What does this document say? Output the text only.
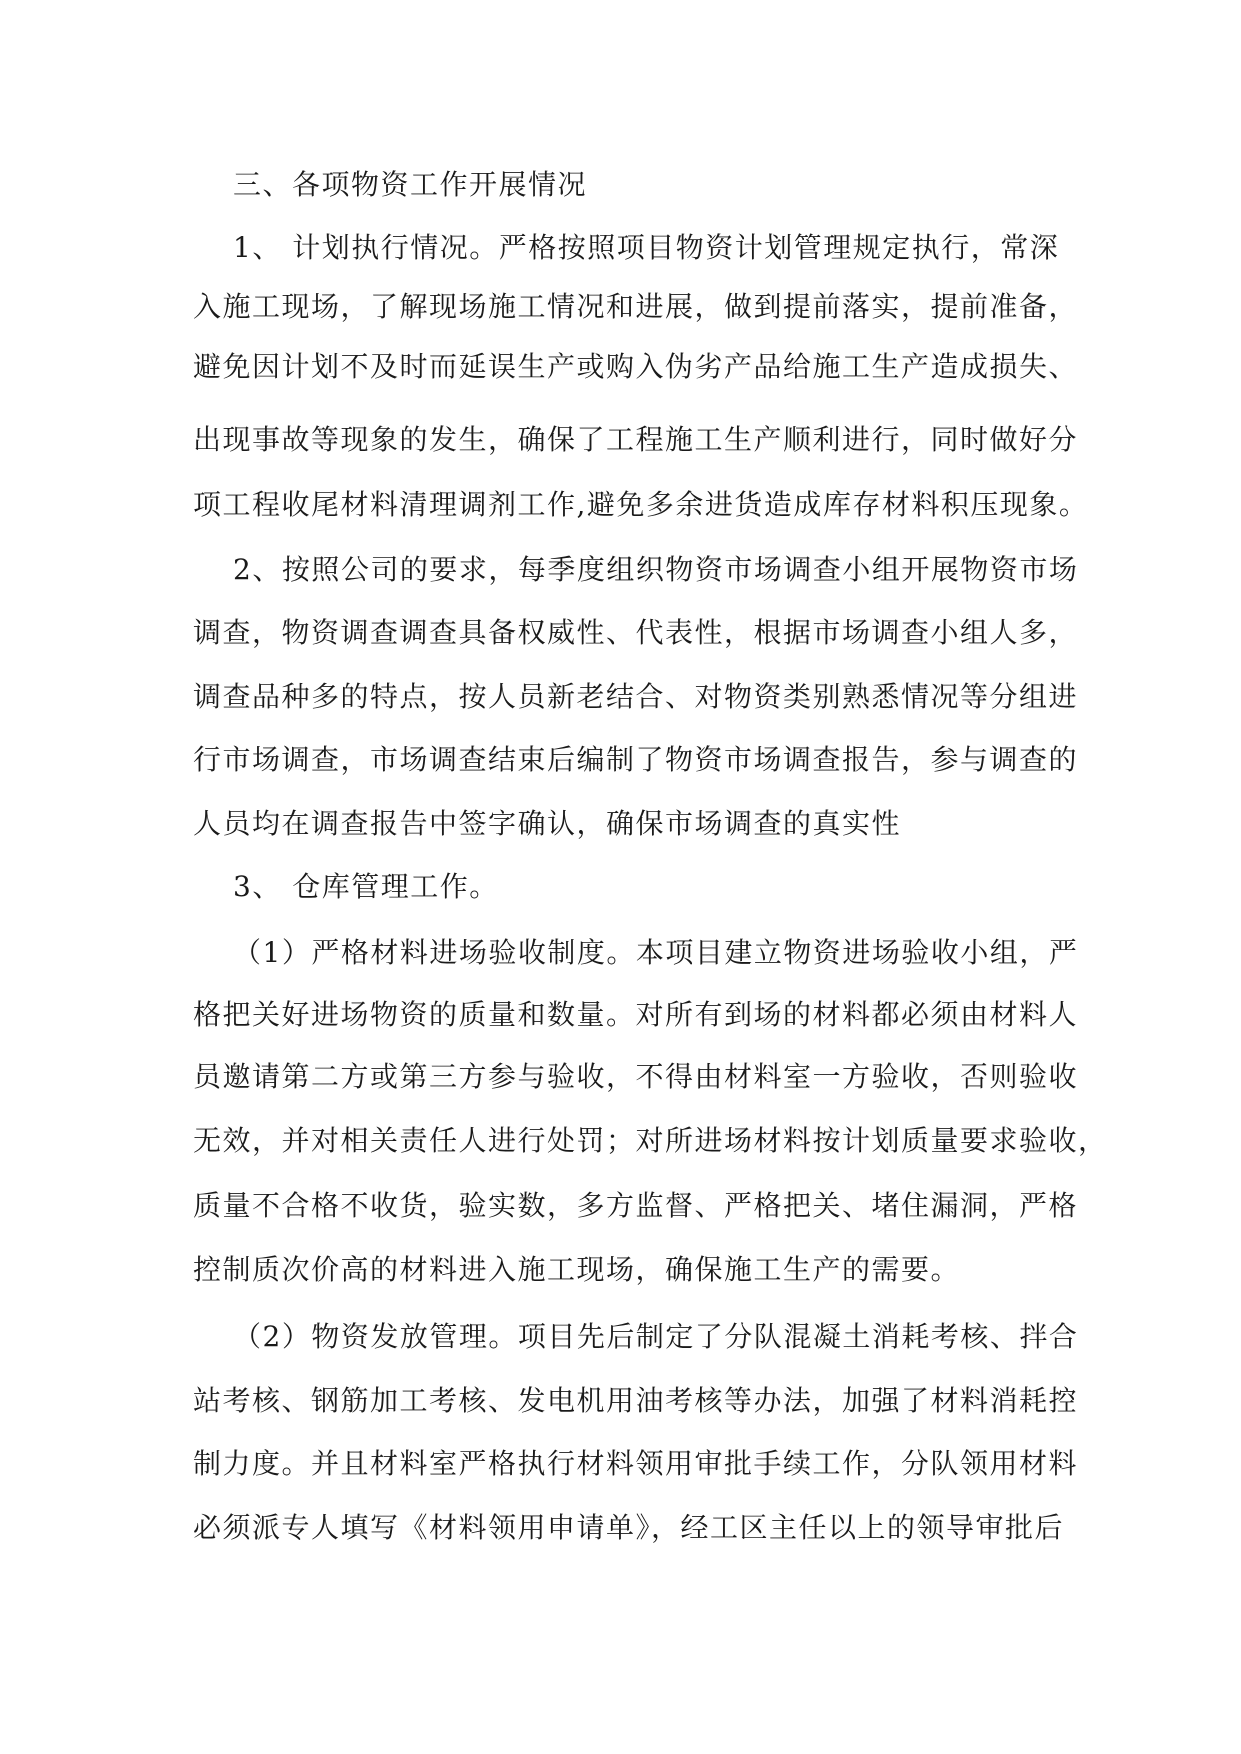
三、各项物资工作开展情况
1、 计划执行情况。严格按照项目物资计划管理规定执行，常深
入施工现场，了解现场施工情况和进展，做到提前落实，提前准备，
避免因计划不及时而延误生产或购入伪劣产品给施工生产造成损失、
出现事故等现象的发生，确保了工程施工生产顺利进行，同时做好分
项工程收尾材料清理调剂工作,避免多余进货造成库存材料积压现象。
2、按照公司的要求，每季度组织物资市场调查小组开展物资市场
调查，物资调查调查具备权威性、代表性，根据市场调查小组人多，
调查品种多的特点，按人员新老结合、对物资类别熟悉情况等分组进
行市场调查，市场调查结束后编制了物资市场调查报告，参与调查的
人员均在调查报告中签字确认，确保市场调查的真实性
3、 仓库管理工作。
（1）严格材料进场验收制度。本项目建立物资进场验收小组，严
格把关好进场物资的质量和数量。对所有到场的材料都必须由材料人
员邀请第二方或第三方参与验收，不得由材料室一方验收，否则验收
无效，并对相关责任人进行处罚；对所进场材料按计划质量要求验收，
质量不合格不收货，验实数，多方监督、严格把关、堵住漏洞，严格
控制质次价高的材料进入施工现场，确保施工生产的需要。
（2）物资发放管理。项目先后制定了分队混凝土消耗考核、拌合
站考核、钢筋加工考核、发电机用油考核等办法，加强了材料消耗控
制力度。并且材料室严格执行材料领用审批手续工作，分队领用材料
必须派专人填写《材料领用申请单》，经工区主任以上的领导审批后
